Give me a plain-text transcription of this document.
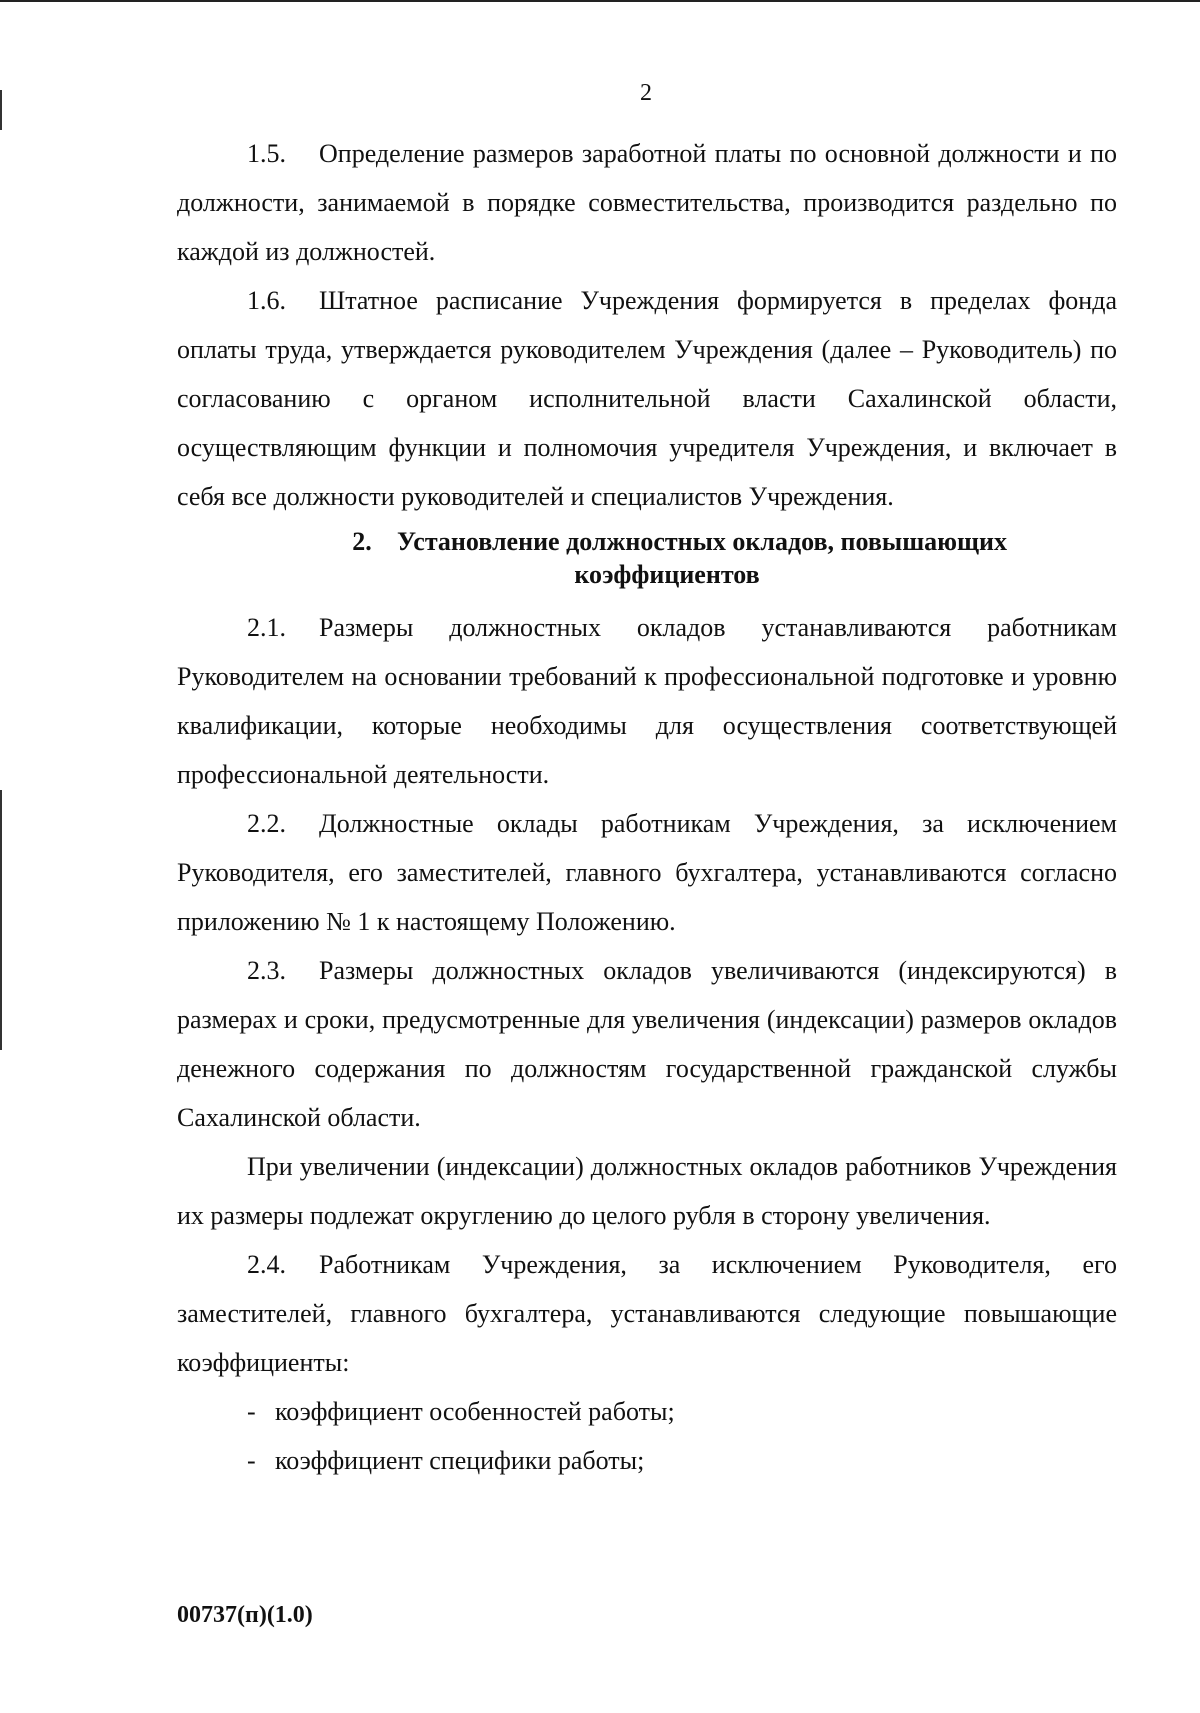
2

1.5. Определение размеров заработной платы по основной должности и по должности, занимаемой в порядке совместительства, производится раздельно по каждой из должностей.

1.6. Штатное расписание Учреждения формируется в пределах фонда оплаты труда, утверждается руководителем Учреждения (далее – Руководитель) по согласованию с органом исполнительной власти Сахалинской области, осуществляющим функции и полномочия учредителя Учреждения, и включает в себя все должности руководителей и специалистов Учреждения.

2. Установление должностных окладов, повышающих

коэффициентов

2.1. Размеры должностных окладов устанавливаются работникам Руководителем на основании требований к профессиональной подготовке и уровню квалификации, которые необходимы для осуществления соответствующей профессиональной деятельности.

2.2. Должностные оклады работникам Учреждения, за исключением Руководителя, его заместителей, главного бухгалтера, устанавливаются согласно приложению № 1 к настоящему Положению.

2.3. Размеры должностных окладов увеличиваются (индексируются) в размерах и сроки, предусмотренные для увеличения (индексации) размеров окладов денежного содержания по должностям государственной гражданской службы Сахалинской области.

При увеличении (индексации) должностных окладов работников Учреждения их размеры подлежат округлению до целого рубля в сторону увеличения.

2.4. Работникам Учреждения, за исключением Руководителя, его заместителей, главного бухгалтера, устанавливаются следующие повышающие коэффициенты:

- коэффициент особенностей работы;

- коэффициент специфики работы;

00737(п)(1.0)
